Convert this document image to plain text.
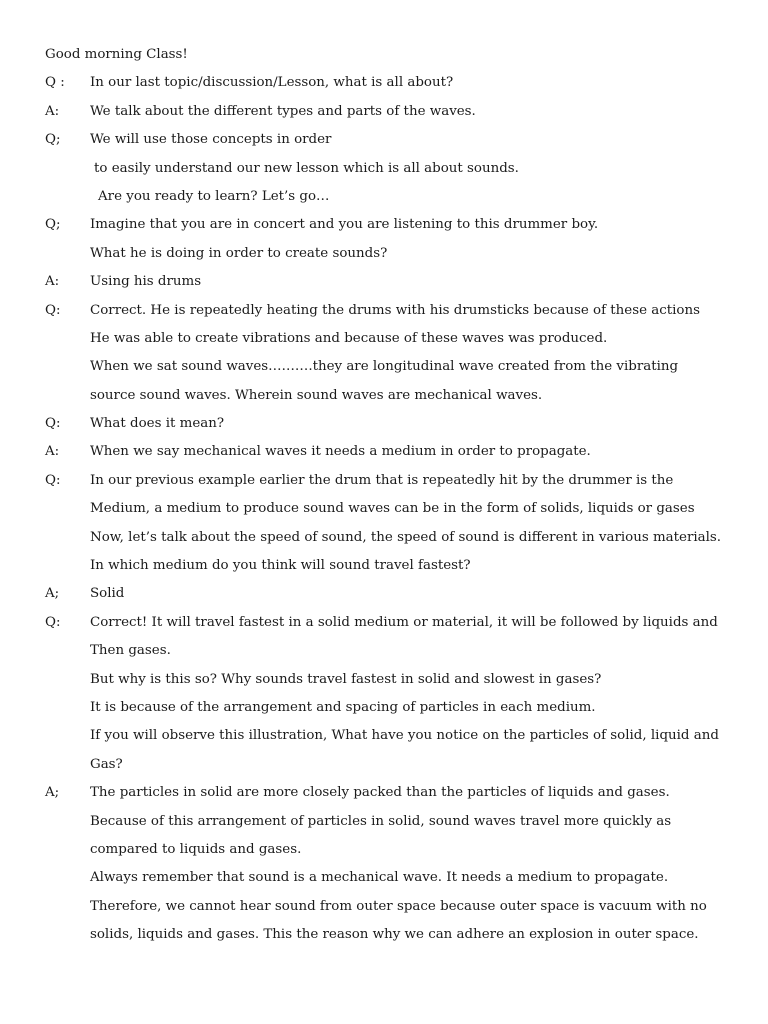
Good morning Class!
Q :	In our last topic/discussion/Lesson, what is all about?
A:	We talk about the different types and parts of the waves.
Q;	We will use those concepts in order
to easily understand our new lesson which is all about sounds.
Are you ready to learn? Let’s go…
Q;	Imagine that you are in concert and you are listening to this drummer boy.
What he is doing in order to create sounds?
A:	Using his drums
Q:	Correct. He is repeatedly heating the drums with his drumsticks because of these actions
He was able to create vibrations and because of these waves was produced.
When we sat sound waves……….they are longitudinal wave created from the vibrating
source sound waves. Wherein sound waves are mechanical waves.
Q:	What does it mean?
A:	When we say mechanical waves it needs a medium in order to propagate.
Q:	In our previous example earlier the drum that is repeatedly hit by the drummer is the
Medium, a medium to produce sound waves can be in the form of solids, liquids or gases
Now, let’s talk about the speed of sound, the speed of sound is different in various materials.
In which medium do you think will sound travel fastest?
A;	Solid
Q:	Correct! It will travel fastest in a solid medium or material, it will be followed by liquids and
Then gases.
But why is this so? Why sounds travel fastest in solid and slowest in gases?
It is because of the arrangement and spacing of particles in each medium.
If you will observe this illustration, What have you notice on the particles of solid, liquid and
Gas?
A;	The particles in solid are more closely packed than the particles of liquids and gases.
Because of this arrangement of particles in solid, sound waves travel more quickly as
compared to liquids and gases.
Always remember that sound is a mechanical wave. It needs a medium to propagate.
Therefore, we cannot hear sound from outer space because outer space is vacuum with no
solids, liquids and gases. This the reason why we can adhere an explosion in outer space.
